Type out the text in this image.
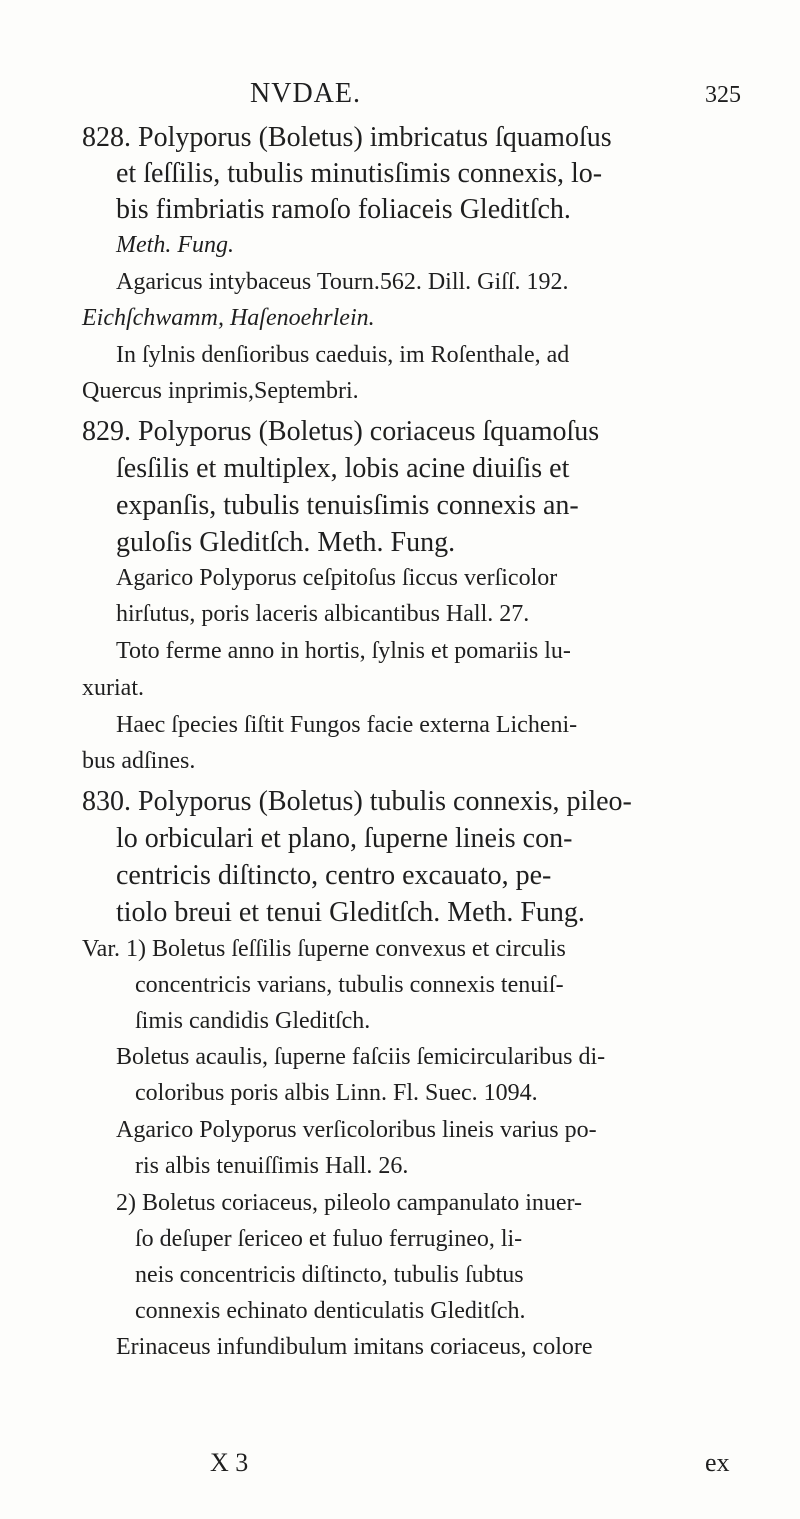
NVDAE.	325
828. Polyporus (Boletus) imbricatus ſquamoſus
et ſeſſilis, tubulis minutisſimis connexis, lo-
bis fimbriatis ramoſo foliaceis Gleditſch.
Meth. Fung.
Agaricus intybaceus Tourn.562. Dill. Giſſ. 192.
Eichſchwamm, Haſenoehrlein.
In ſylnis denſioribus caeduis, im Roſenthale, ad
Quercus inprimis,Septembri.
829. Polyporus (Boletus) coriaceus ſquamoſus
ſesſilis et multiplex, lobis acine diuiſis et
expanſis, tubulis tenuisſimis connexis an-
guloſis Gleditſch. Meth. Fung.
Agarico Polyporus ceſpitoſus ſiccus verſicolor
hirſutus, poris laceris albicantibus Hall. 27.
Toto ferme anno in hortis, ſylnis et pomariis lu-
xuriat.
Haec ſpecies ſiſtit Fungos facie externa Licheni-
bus adſines.
830. Polyporus (Boletus) tubulis connexis, pileo-
lo orbiculari et plano, ſuperne lineis con-
centricis diſtincto, centro excauato, pe-
tiolo breui et tenui Gleditſch. Meth. Fung.
Var. 1) Boletus ſeſſilis ſuperne convexus et circulis
concentricis varians, tubulis connexis tenuiſ-
ſimis candidis Gleditſch.
Boletus acaulis, ſuperne faſciis ſemicircularibus di-
coloribus poris albis Linn. Fl. Suec. 1094.
Agarico Polyporus verſicoloribus lineis varius po-
ris albis tenuiſſimis Hall. 26.
2) Boletus coriaceus, pileolo campanulato inuer-
ſo deſuper ſericeo et fuluo ferrugineo, li-
neis concentricis diſtincto, tubulis ſubtus
connexis echinato denticulatis Gleditſch.
Erinaceus infundibulum imitans coriaceus, colore
X 3	ex
